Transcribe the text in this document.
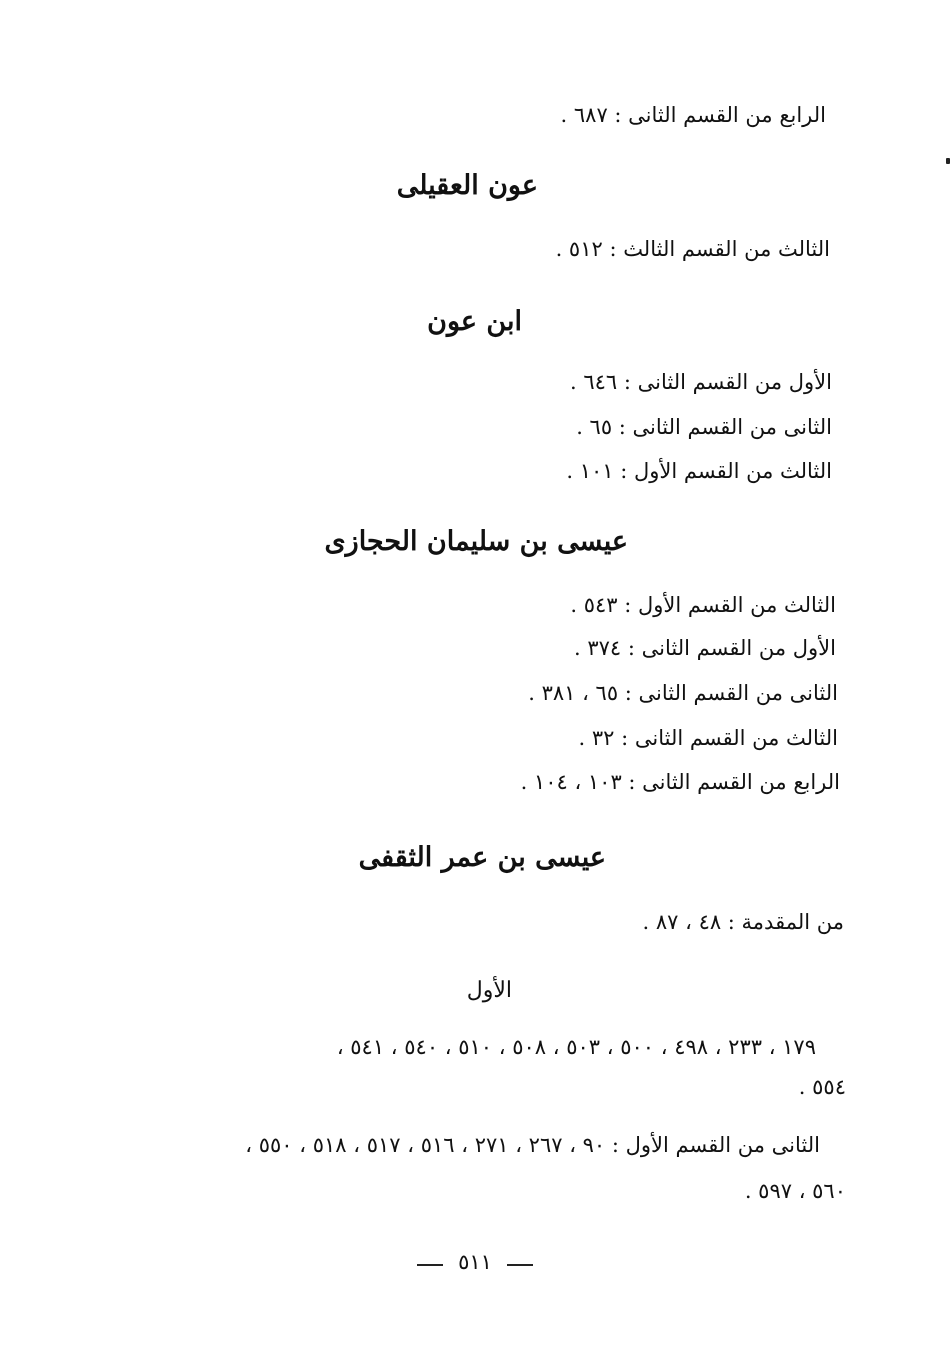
الرابع من القسم الثانى : ٦٨٧ .
عون العقيلى
الثالث من القسم الثالث : ٥١٢ .
ابن عون
الأول من القسم الثانى : ٦٤٦ .
الثانى من القسم الثانى : ٦٥ .
الثالث من القسم الأول : ١٠١ .
عيسى بن سليمان الحجازى
الثالث من القسم الأول : ٥٤٣ .
الأول من القسم الثانى : ٣٧٤ .
الثانى من القسم الثانى : ٦٥ ، ٣٨١ .
الثالث من القسم الثانى : ٣٢ .
الرابع من القسم الثانى : ١٠٣ ، ١٠٤ .
عيسى بن عمر الثقفى
من المقدمة : ٤٨ ، ٨٧ .
الأول
١٧٩ ، ٢٣٣ ، ٤٩٨ ، ٥٠٠ ، ٥٠٣ ، ٥٠٨ ، ٥١٠ ، ٥٤٠ ، ٥٤١ ،
٥٥٤ .
الثانى من القسم الأول : ٩٠ ، ٢٦٧ ، ٢٧١ ، ٥١٦ ، ٥١٧ ، ٥١٨ ، ٥٥٠ ،
٥٦٠ ، ٥٩٧ .
٥١١
